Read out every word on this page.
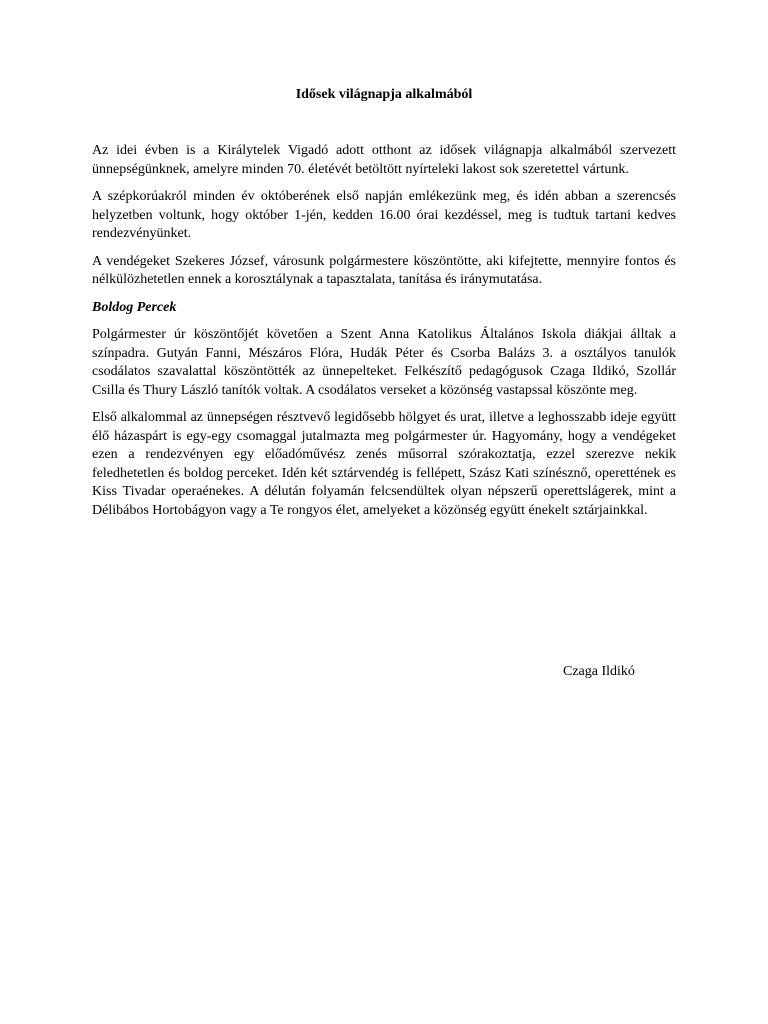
Idősek világnapja alkalmából

Az idei évben is a Királytelek Vigadó adott otthont az idősek világnapja alkalmából szervezett ünnepségünknek, amelyre minden 70. életévét betöltött nyírteleki lakost sok szeretettel vártunk.

A szépkorúakról minden év októberének első napján emlékezünk meg, és idén abban a szerencsés helyzetben voltunk, hogy október 1-jén, kedden 16.00 órai kezdéssel, meg is tudtuk tartani kedves rendezvényünket.

A vendégeket Szekeres József, városunk polgármestere köszöntötte, aki kifejtette, mennyire fontos és nélkülözhetetlen ennek a korosztálynak a tapasztalata, tanítása és iránymutatása.

Boldog Percek

Polgármester úr köszöntőjét követően a Szent Anna Katolikus Általános Iskola diákjai álltak a színpadra. Gutyán Fanni, Mészáros Flóra, Hudák Péter és Csorba Balázs 3. a osztályos tanulók csodálatos szavalattal köszöntötték az ünnepelteket. Felkészítő pedagógusok Czaga Ildikó, Szollár Csilla és Thury László tanítók voltak. A csodálatos verseket a közönség vastapssal köszönte meg.

Első alkalommal az ünnepségen résztvevő legidősebb hölgyet és urat, illetve a leghosszabb ideje együtt élő házaspárt is egy-egy csomaggal jutalmazta meg polgármester úr. Hagyomány, hogy a vendégeket ezen a rendezvényen egy előadóművész zenés műsorral szórakoztatja, ezzel szerezve nekik feledhetetlen és boldog perceket. Idén két sztárvendég is fellépett, Szász Kati színésznő, operettének es Kiss Tivadar operaénekes. A délután folyamán felcsendültek olyan népszerű operettslágerek, mint a Délibábos Hortobágyon vagy a Te rongyos élet, amelyeket a közönség együtt énekelt sztárjainkkal.

Czaga Ildikó
